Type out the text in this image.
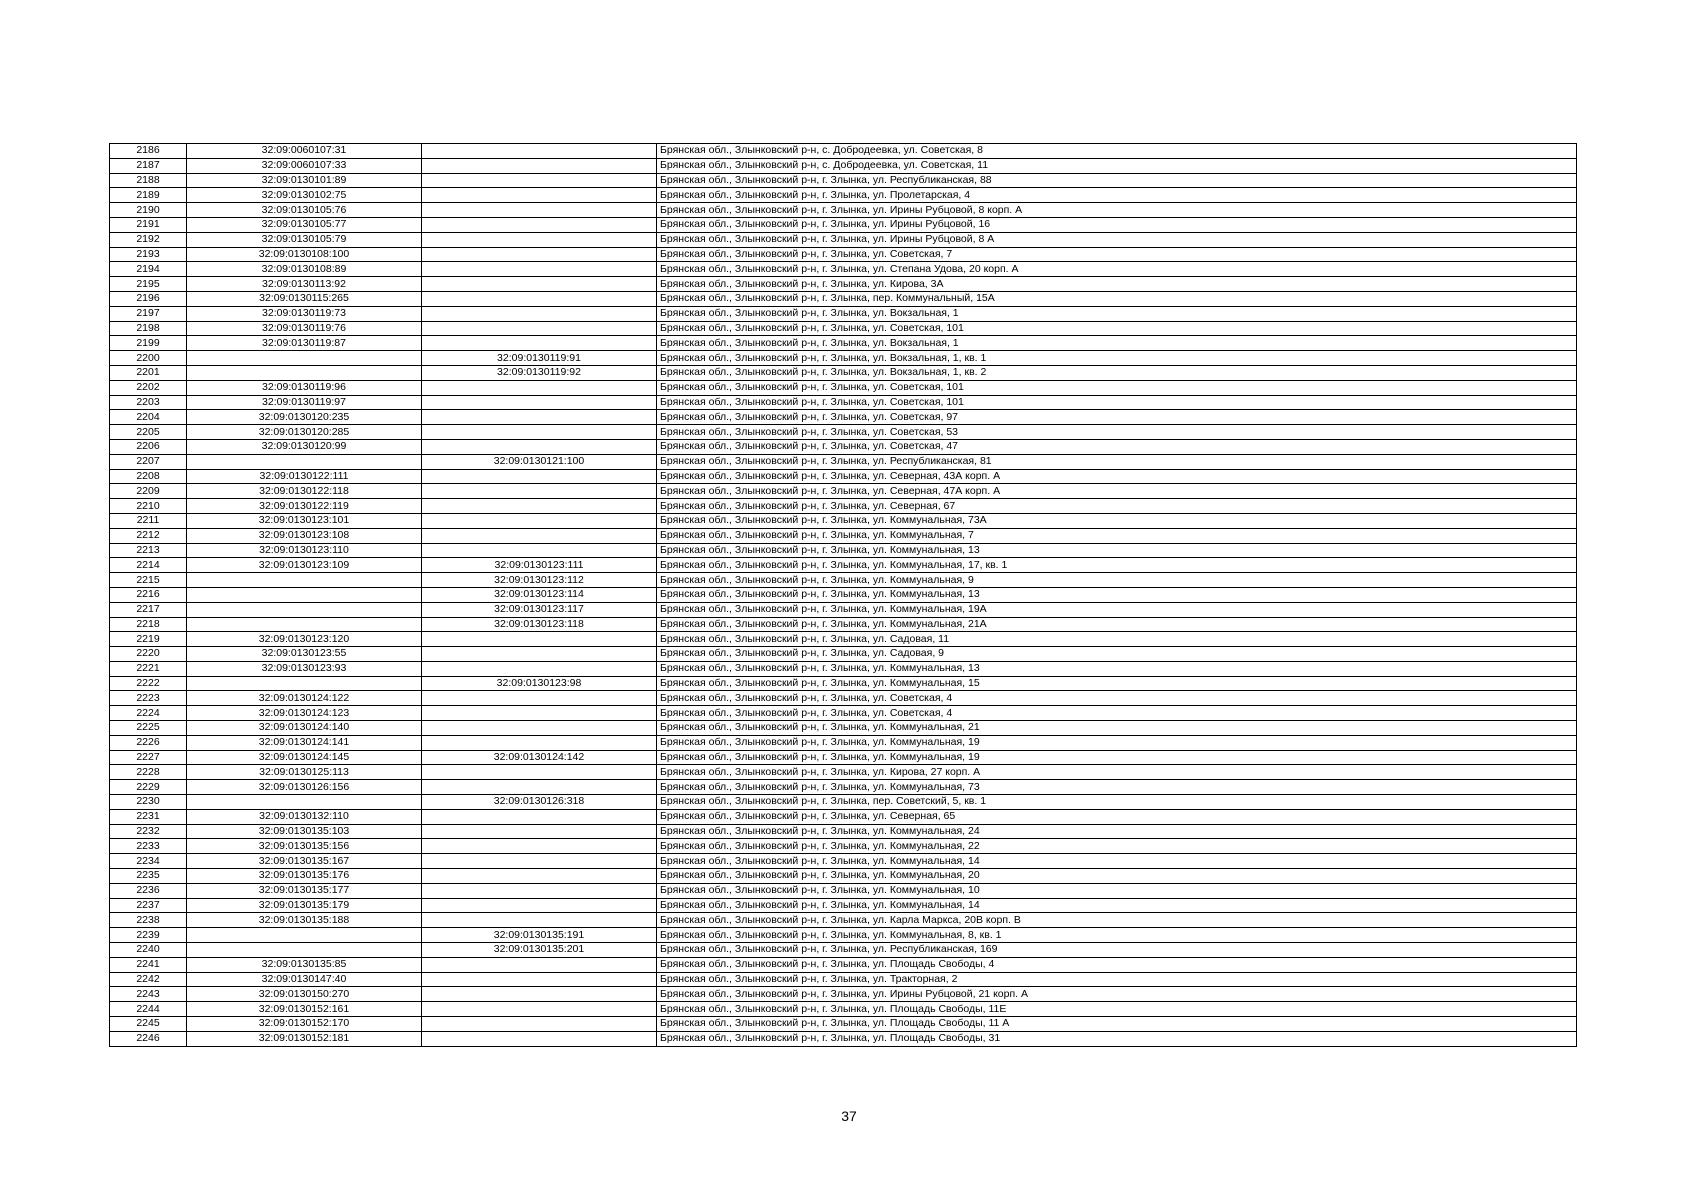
2186	32:09:0060107:31		Брянская обл., Злынковский р-н, с. Добродеевка, ул. Советская, 8
2187	32:09:0060107:33		Брянская обл., Злынковский р-н, с. Добродеевка, ул. Советская, 11
2188	32:09:0130101:89		Брянская обл., Злынковский р-н, г. Злынка, ул. Республиканская, 88
2189	32:09:0130102:75		Брянская обл., Злынковский р-н, г. Злынка, ул. Пролетарская, 4
2190	32:09:0130105:76		Брянская обл., Злынковский р-н, г. Злынка, ул. Ирины Рубцовой, 8 корп. А
2191	32:09:0130105:77		Брянская обл., Злынковский р-н, г. Злынка, ул. Ирины Рубцовой, 16
2192	32:09:0130105:79		Брянская обл., Злынковский р-н, г. Злынка, ул. Ирины Рубцовой, 8 А
2193	32:09:0130108:100		Брянская обл., Злынковский р-н, г. Злынка, ул. Советская, 7
2194	32:09:0130108:89		Брянская обл., Злынковский р-н, г. Злынка, ул. Степана Удова, 20 корп. А
2195	32:09:0130113:92		Брянская обл., Злынковский р-н, г. Злынка, ул. Кирова, 3А
2196	32:09:0130115:265		Брянская обл., Злынковский р-н, г. Злынка, пер. Коммунальный, 15А
2197	32:09:0130119:73		Брянская обл., Злынковский р-н, г. Злынка, ул. Вокзальная, 1
2198	32:09:0130119:76		Брянская обл., Злынковский р-н, г. Злынка, ул. Советская, 101
2199	32:09:0130119:87		Брянская обл., Злынковский р-н, г. Злынка, ул. Вокзальная, 1
2200		32:09:0130119:91	Брянская обл., Злынковский р-н, г. Злынка, ул. Вокзальная, 1, кв. 1
2201		32:09:0130119:92	Брянская обл., Злынковский р-н, г. Злынка, ул. Вокзальная, 1, кв. 2
2202	32:09:0130119:96		Брянская обл., Злынковский р-н, г. Злынка, ул. Советская, 101
2203	32:09:0130119:97		Брянская обл., Злынковский р-н, г. Злынка, ул. Советская, 101
2204	32:09:0130120:235		Брянская обл., Злынковский р-н, г. Злынка, ул. Советская, 97
2205	32:09:0130120:285		Брянская обл., Злынковский р-н, г. Злынка, ул. Советская, 53
2206	32:09:0130120:99		Брянская обл., Злынковский р-н, г. Злынка, ул. Советская, 47
2207		32:09:0130121:100	Брянская обл., Злынковский р-н, г. Злынка, ул. Республиканская, 81
2208	32:09:0130122:111		Брянская обл., Злынковский р-н, г. Злынка, ул. Северная, 43А корп. А
2209	32:09:0130122:118		Брянская обл., Злынковский р-н, г. Злынка, ул. Северная, 47А корп. А
2210	32:09:0130122:119		Брянская обл., Злынковский р-н, г. Злынка, ул. Северная, 67
2211	32:09:0130123:101		Брянская обл., Злынковский р-н, г. Злынка, ул. Коммунальная, 73А
2212	32:09:0130123:108		Брянская обл., Злынковский р-н, г. Злынка, ул. Коммунальная, 7
2213	32:09:0130123:110		Брянская обл., Злынковский р-н, г. Злынка, ул. Коммунальная, 13
2214	32:09:0130123:109	32:09:0130123:111	Брянская обл., Злынковский р-н, г. Злынка, ул. Коммунальная, 17, кв. 1
2215		32:09:0130123:112	Брянская обл., Злынковский р-н, г. Злынка, ул. Коммунальная, 9
2216		32:09:0130123:114	Брянская обл., Злынковский р-н, г. Злынка, ул. Коммунальная, 13
2217		32:09:0130123:117	Брянская обл., Злынковский р-н, г. Злынка, ул. Коммунальная, 19А
2218		32:09:0130123:118	Брянская обл., Злынковский р-н, г. Злынка, ул. Коммунальная, 21А
2219	32:09:0130123:120		Брянская обл., Злынковский р-н, г. Злынка, ул. Садовая, 11
2220	32:09:0130123:55		Брянская обл., Злынковский р-н, г. Злынка, ул. Садовая, 9
2221	32:09:0130123:93		Брянская обл., Злынковский р-н, г. Злынка, ул. Коммунальная, 13
2222		32:09:0130123:98	Брянская обл., Злынковский р-н, г. Злынка, ул. Коммунальная, 15
2223	32:09:0130124:122		Брянская обл., Злынковский р-н, г. Злынка, ул. Советская, 4
2224	32:09:0130124:123		Брянская обл., Злынковский р-н, г. Злынка, ул. Советская, 4
2225	32:09:0130124:140		Брянская обл., Злынковский р-н, г. Злынка, ул. Коммунальная, 21
2226	32:09:0130124:141		Брянская обл., Злынковский р-н, г. Злынка, ул. Коммунальная, 19
2227	32:09:0130124:145	32:09:0130124:142	Брянская обл., Злынковский р-н, г. Злынка, ул. Коммунальная, 19
2228	32:09:0130125:113		Брянская обл., Злынковский р-н, г. Злынка, ул. Кирова, 27 корп. А
2229	32:09:0130126:156		Брянская обл., Злынковский р-н, г. Злынка, ул. Коммунальная, 73
2230		32:09:0130126:318	Брянская обл., Злынковский р-н, г. Злынка, пер. Советский, 5, кв. 1
2231	32:09:0130132:110		Брянская обл., Злынковский р-н, г. Злынка, ул. Северная, 65
2232	32:09:0130135:103		Брянская обл., Злынковский р-н, г. Злынка, ул. Коммунальная, 24
2233	32:09:0130135:156		Брянская обл., Злынковский р-н, г. Злынка, ул. Коммунальная, 22
2234	32:09:0130135:167		Брянская обл., Злынковский р-н, г. Злынка, ул. Коммунальная, 14
2235	32:09:0130135:176		Брянская обл., Злынковский р-н, г. Злынка, ул. Коммунальная, 20
2236	32:09:0130135:177		Брянская обл., Злынковский р-н, г. Злынка, ул. Коммунальная, 10
2237	32:09:0130135:179		Брянская обл., Злынковский р-н, г. Злынка, ул. Коммунальная, 14
2238	32:09:0130135:188		Брянская обл., Злынковский р-н, г. Злынка, ул. Карла Маркса, 20В корп. В
2239		32:09:0130135:191	Брянская обл., Злынковский р-н, г. Злынка, ул. Коммунальная, 8, кв. 1
2240		32:09:0130135:201	Брянская обл., Злынковский р-н, г. Злынка, ул. Республиканская, 169
2241	32:09:0130135:85		Брянская обл., Злынковский р-н, г. Злынка, ул. Площадь Свободы, 4
2242	32:09:0130147:40		Брянская обл., Злынковский р-н, г. Злынка, ул. Тракторная, 2
2243	32:09:0130150:270		Брянская обл., Злынковский р-н, г. Злынка, ул. Ирины Рубцовой, 21 корп. А
2244	32:09:0130152:161		Брянская обл., Злынковский р-н, г. Злынка, ул. Площадь Свободы, 11Е
2245	32:09:0130152:170		Брянская обл., Злынковский р-н, г. Злынка, ул. Площадь Свободы, 11 А
2246	32:09:0130152:181		Брянская обл., Злынковский р-н, г. Злынка, ул. Площадь Свободы, 31
37
